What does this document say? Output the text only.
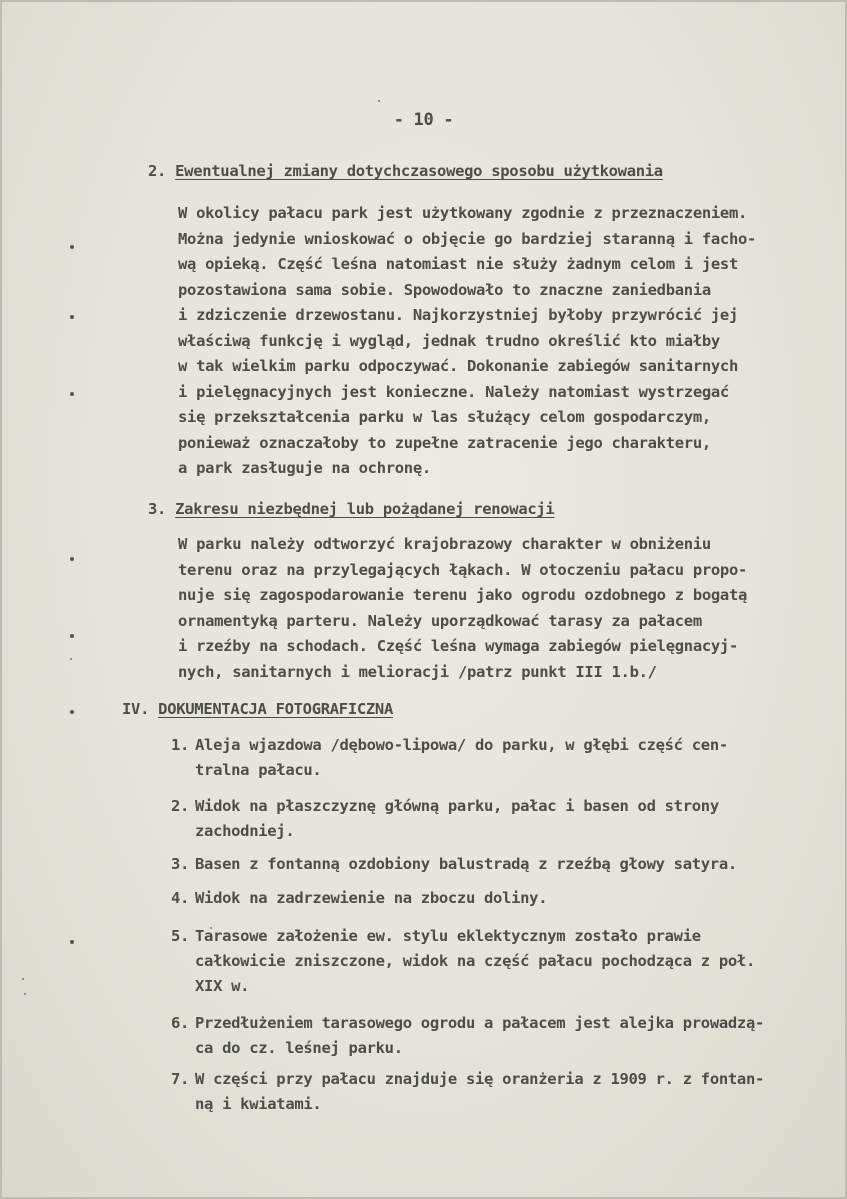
- 10 -
2. Ewentualnej zmiany dotychczasowego sposobu użytkowania
W okolicy pałacu park jest użytkowany zgodnie z przeznaczeniem.
Można jedynie wnioskować o objęcie go bardziej staranną i facho-
wą opieką. Część leśna natomiast nie służy żadnym celom i jest
pozostawiona sama sobie. Spowodowało to znaczne zaniedbania
i zdziczenie drzewostanu. Najkorzystniej byłoby przywrócić jej
właściwą funkcję i wygląd, jednak trudno określić kto miałby
w tak wielkim parku odpoczywać. Dokonanie zabiegów sanitarnych
i pielęgnacyjnych jest konieczne. Należy natomiast wystrzegać
się przekształcenia parku w las służący celom gospodarczym,
ponieważ oznaczałoby to zupełne zatracenie jego charakteru,
a park zasługuje na ochronę.
3. Zakresu niezbędnej lub pożądanej renowacji
W parku należy odtworzyć krajobrazowy charakter w obniżeniu
terenu oraz na przylegających łąkach. W otoczeniu pałacu propo-
nuje się zagospodarowanie terenu jako ogrodu ozdobnego z bogatą
ornamentyką parteru. Należy uporządkować tarasy za pałacem
i rzeźby na schodach. Część leśna wymaga zabiegów pielęgnacyj-
nych, sanitarnych i melioracji /patrz punkt III 1.b./
IV. DOKUMENTACJA FOTOGRAFICZNA
1. Aleja wjazdowa /dębowo-lipowa/ do parku, w głębi część cen-
tralna pałacu.
2. Widok na płaszczyznę główną parku, pałac i basen od strony
zachodniej.
3. Basen z fontanną ozdobiony balustradą z rzeźbą głowy satyra.
4. Widok na zadrzewienie na zboczu doliny.
5. Tarasowe założenie ew. stylu eklektycznym zostało prawie
całkowicie zniszczone, widok na część pałacu pochodząca z poł.
XIX w.
6. Przedłużeniem tarasowego ogrodu a pałacem jest alejka prowadzą-
ca do cz. leśnej parku.
7. W części przy pałacu znajduje się oranżeria z 1909 r. z fontan-
ną i kwiatami.
